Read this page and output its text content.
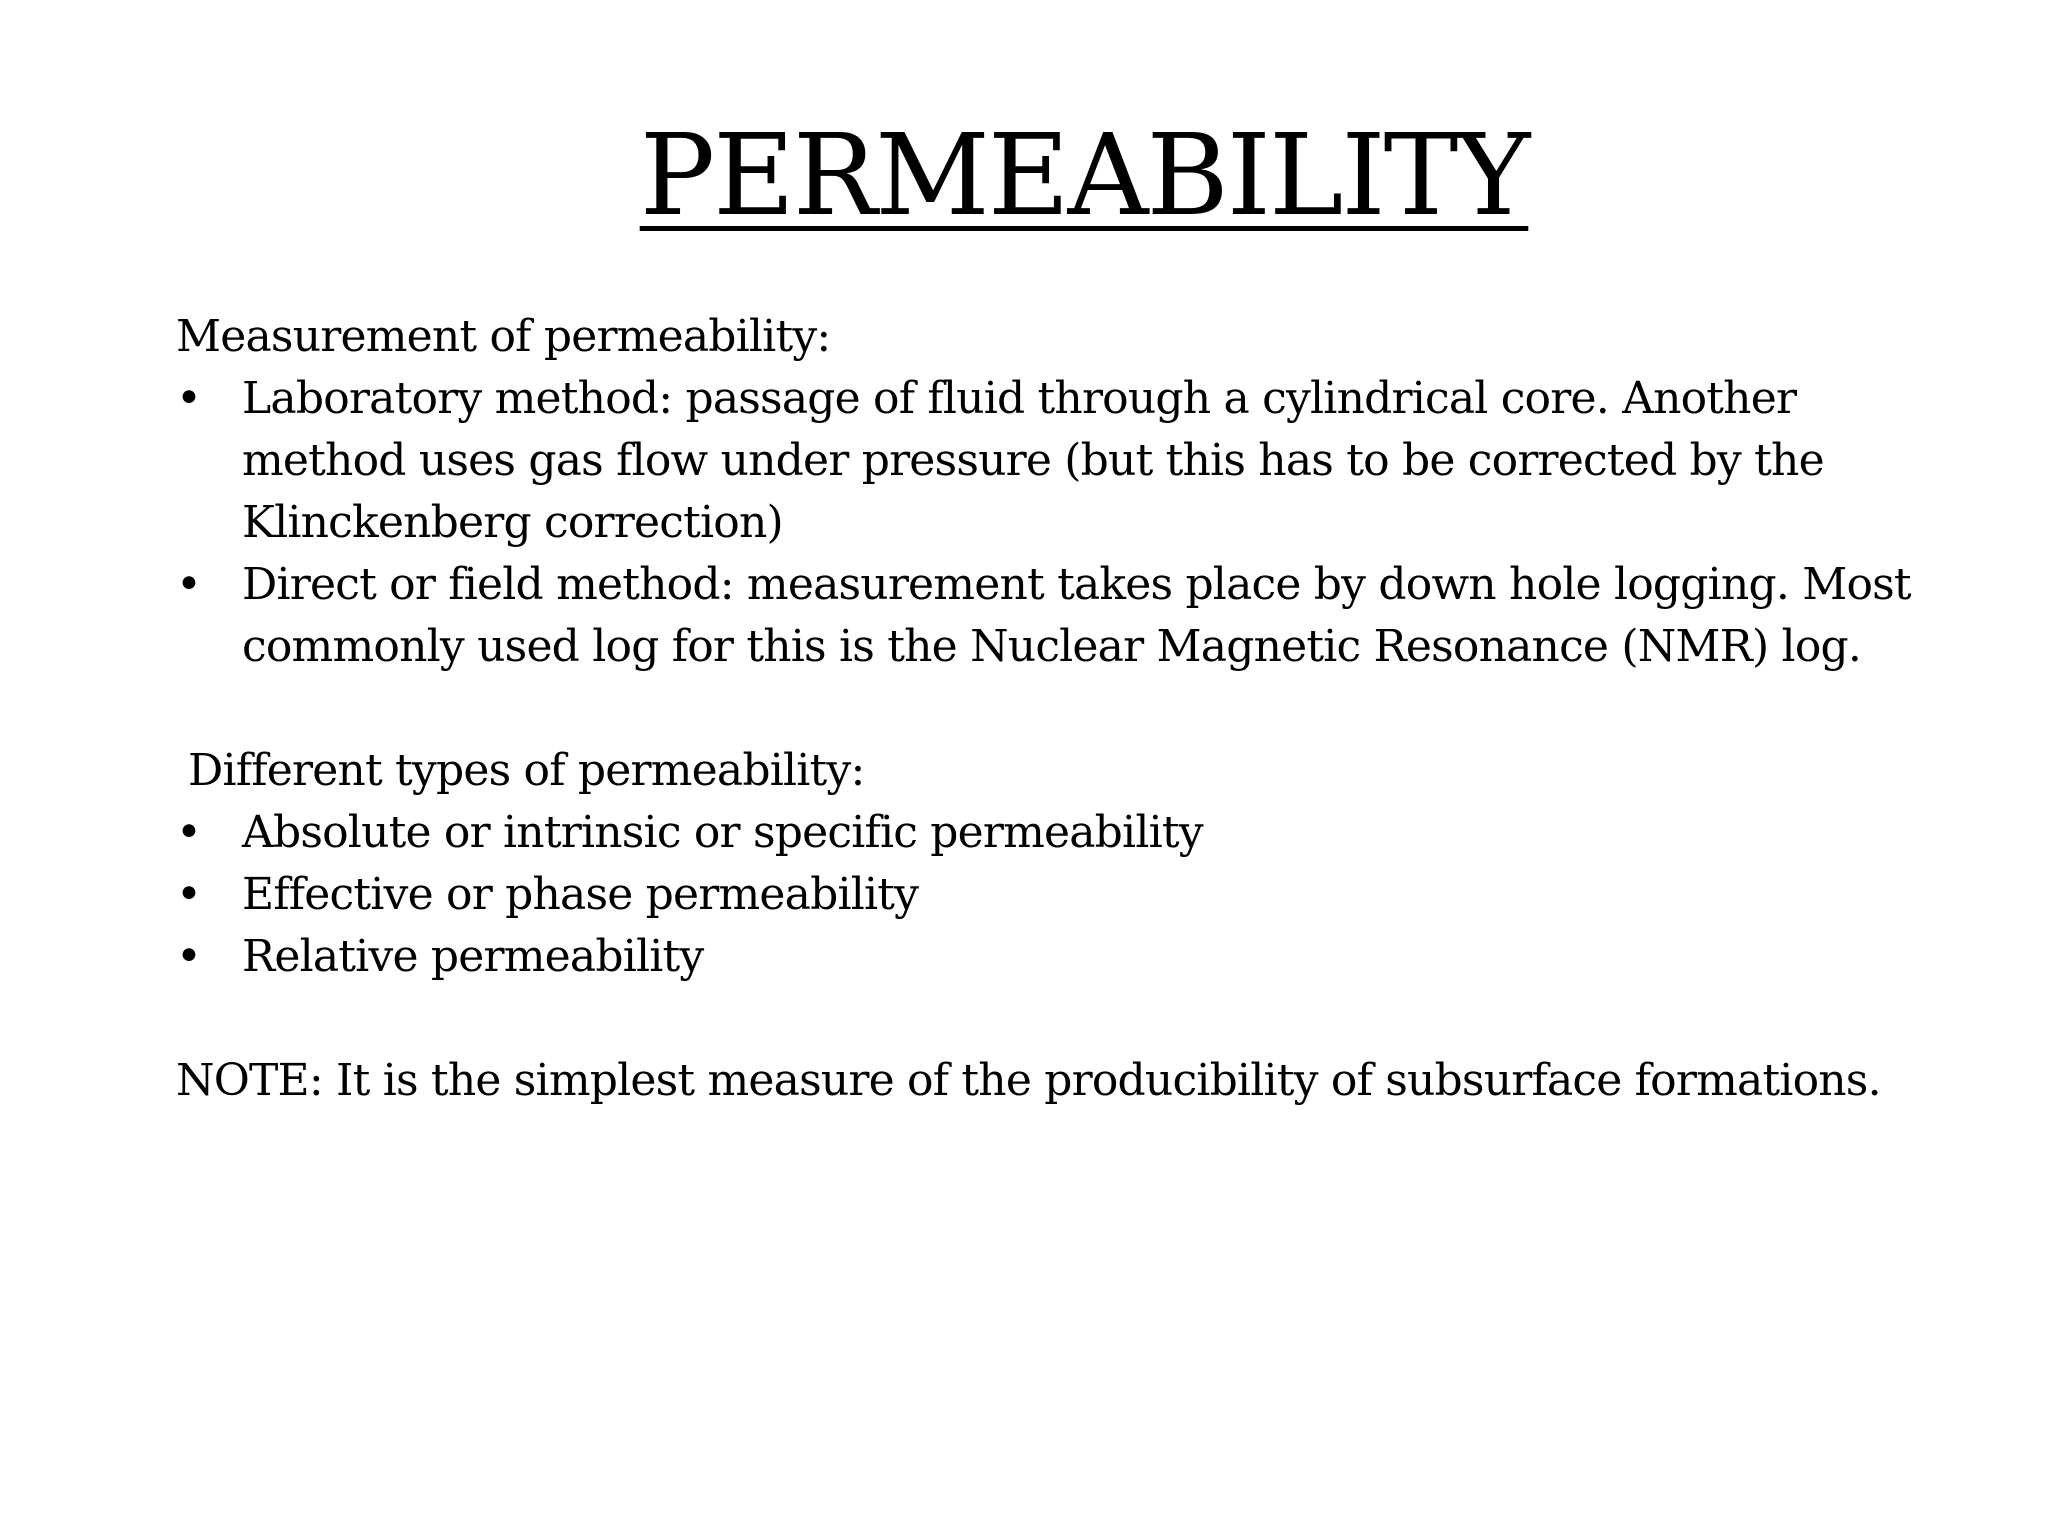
PERMEABILITY

Measurement of permeability:

• Laboratory method: passage of fluid through a cylindrical core. Another method uses gas flow under pressure (but this has to be corrected by the Klinckenberg correction)
• Direct or field method: measurement takes place by down hole logging. Most commonly used log for this is the Nuclear Magnetic Resonance (NMR) log.

Different types of permeability:

• Absolute or intrinsic or specific permeability
• Effective or phase permeability
• Relative permeability

NOTE: It is the simplest measure of the producibility of subsurface formations.
